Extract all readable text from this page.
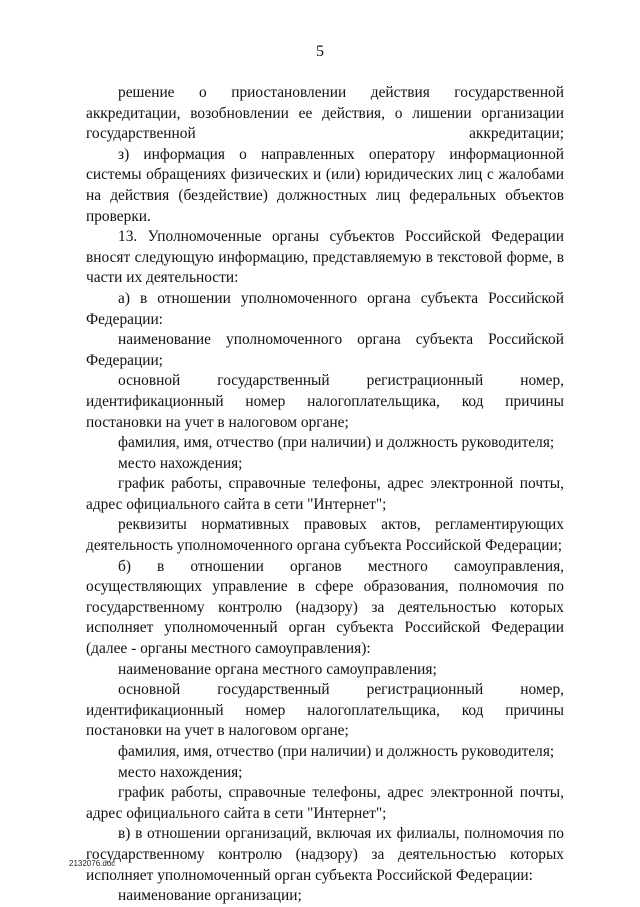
5

решение о приостановлении действия государственной аккредитации, возобновлении ее действия, о лишении организации государственной аккредитации;

з) информация о направленных оператору информационной системы обращениях физических и (или) юридических лиц с жалобами на действия (бездействие) должностных лиц федеральных объектов проверки.

13. Уполномоченные органы субъектов Российской Федерации вносят следующую информацию, представляемую в текстовой форме, в части их деятельности:

а) в отношении уполномоченного органа субъекта Российской Федерации:

наименование уполномоченного органа субъекта Российской Федерации;

основной государственный регистрационный номер, идентификационный номер налогоплательщика, код причины постановки на учет в налоговом органе;

фамилия, имя, отчество (при наличии) и должность руководителя;

место нахождения;

график работы, справочные телефоны, адрес электронной почты, адрес официального сайта в сети "Интернет";

реквизиты нормативных правовых актов, регламентирующих деятельность уполномоченного органа субъекта Российской Федерации;

б) в отношении органов местного самоуправления, осуществляющих управление в сфере образования, полномочия по государственному контролю (надзору) за деятельностью которых исполняет уполномоченный орган субъекта Российской Федерации (далее - органы местного самоуправления):

наименование органа местного самоуправления;

основной государственный регистрационный номер, идентификационный номер налогоплательщика, код причины постановки на учет в налоговом органе;

фамилия, имя, отчество (при наличии) и должность руководителя;

место нахождения;

график работы, справочные телефоны, адрес электронной почты, адрес официального сайта в сети "Интернет";

в) в отношении организаций, включая их филиалы, полномочия по государственному контролю (надзору) за деятельностью которых исполняет уполномоченный орган субъекта Российской Федерации:

наименование организации;

2132076.doc
